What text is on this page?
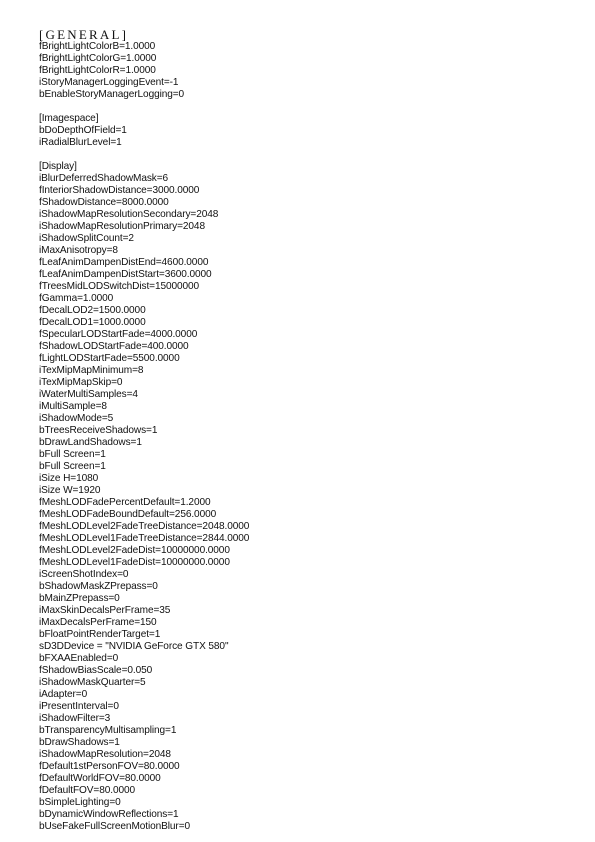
[GENERAL]
fBrightLightColorB=1.0000
fBrightLightColorG=1.0000
fBrightLightColorR=1.0000
iStoryManagerLoggingEvent=-1
bEnableStoryManagerLogging=0
[Imagespace]
bDoDepthOfField=1
iRadialBlurLevel=1
[Display]
iBlurDeferredShadowMask=6
fInteriorShadowDistance=3000.0000
fShadowDistance=8000.0000
iShadowMapResolutionSecondary=2048
iShadowMapResolutionPrimary=2048
iShadowSplitCount=2
iMaxAnisotropy=8
fLeafAnimDampenDistEnd=4600.0000
fLeafAnimDampenDistStart=3600.0000
fTreesMidLODSwitchDist=15000000
fGamma=1.0000
fDecalLOD2=1500.0000
fDecalLOD1=1000.0000
fSpecularLODStartFade=4000.0000
fShadowLODStartFade=400.0000
fLightLODStartFade=5500.0000
iTexMipMapMinimum=8
iTexMipMapSkip=0
iWaterMultiSamples=4
iMultiSample=8
iShadowMode=5
bTreesReceiveShadows=1
bDrawLandShadows=1
bFull Screen=1
bFull Screen=1
iSize H=1080
iSize W=1920
fMeshLODFadePercentDefault=1.2000
fMeshLODFadeBoundDefault=256.0000
fMeshLODLevel2FadeTreeDistance=2048.0000
fMeshLODLevel1FadeTreeDistance=2844.0000
fMeshLODLevel2FadeDist=10000000.0000
fMeshLODLevel1FadeDist=10000000.0000
iScreenShotIndex=0
bShadowMaskZPrepass=0
bMainZPrepass=0
iMaxSkinDecalsPerFrame=35
iMaxDecalsPerFrame=150
bFloatPointRenderTarget=1
sD3DDevice = "NVIDIA GeForce GTX 580"
bFXAAEnabled=0
fShadowBiasScale=0.050
iShadowMaskQuarter=5
iAdapter=0
iPresentInterval=0
iShadowFilter=3
bTransparencyMultisampling=1
bDrawShadows=1
iShadowMapResolution=2048
fDefault1stPersonFOV=80.0000
fDefaultWorldFOV=80.0000
fDefaultFOV=80.0000
bSimpleLighting=0
bDynamicWindowReflections=1
bUseFakeFullScreenMotionBlur=0
